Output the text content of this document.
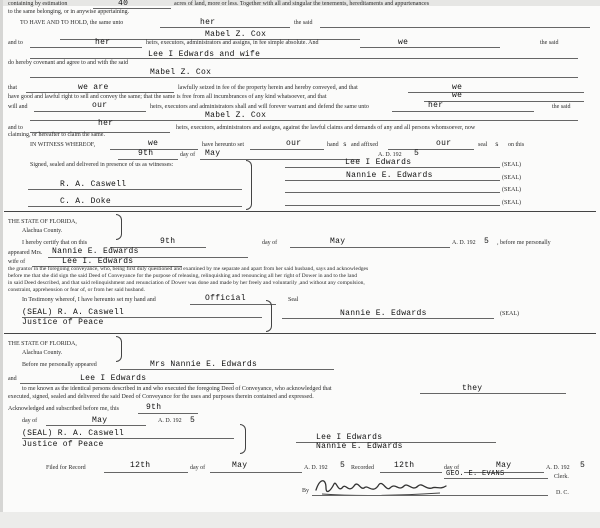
containing by estimation	40	acres of land, more or less. Together with all and singular the tenements, hereditaments and appurtenances
to the same belonging, or in anywise appertaining.
TO HAVE AND TO HOLD, the same unto	her	the said
Mabel Z. Cox
and to	her	heirs, executors, administrators and assigns, in fee simple absolute. And	we	the said
Lee I Edwards and wife
do hereby covenant and agree to and with the said
Mabel Z. Cox
that	we are	lawfully seized in fee of the property herein and hereby conveyed, and that	we
have good and lawful right to sell and convey the same; that the same is free from all incumbrances of any kind whatsoever, and that	we
will and	our	heirs, executors and administrators shall and will forever warrant and defend the same unto	her	the said
Mabel Z. Cox
and to	her	heirs, executors, administrators and assigns, against the lawful claims and demands of any and all persons whomsoever, now
claiming, or hereafter to claim the same.
IN WITNESS WHEREOF,	we	have hereunto set	our	hand s and affixed	our	seal s on this
9th	day of May	A. D. 192 5
Signed, sealed and delivered in presence of us as witnesses:	Lee I Edwards	(SEAL)
Nannie E. Edwards	(SEAL)
(SEAL)
(SEAL)
R. A. Caswell
C. A. Doke
THE STATE OF FLORIDA,
Alachua County.
I hereby certify that on this	9th	day of	May	A. D. 192 5 , before me personally
appeared Mrs. Nannie E. Edwards
wife of	Lee I. Edwards
the grantor in the foregoing conveyance, who, being first duly questioned and examined by me separate and apart from her said husband, says and acknowledges
before me that she did sign the said Deed of Conveyance for the purpose of releasing, relinquishing and renouncing all her right of Dower in and to the land
in said Deed described, and that said relinquishment and renunciation of Dower was done and made by her freely and voluntarily ,and without any compulsion,
constraint, apprehension or fear of, or from her said husband.
In Testimony whereof, I have hereunto set my hand and	Official	Seal
(SEAL) R. A. Caswell
Justice of Peace
Nannie E. Edwards	(SEAL)
THE STATE OF FLORIDA,
Alachua County.
Before me personally appeared	Mrs Nannie E. Edwards
and	Lee I Edwards
to me known as the identical persons described in and who executed the foregoing Deed of Conveyance, who acknowledged that	they
executed, signed, sealed and delivered the said Deed of Conveyance for the uses and purposes therein contained and expressed.
Acknowledged and subscribed before me, this	9th
day of	May	A. D. 192 5
(SEAL) R. A. Caswell
Justice of Peace
Lee I Edwards
Nannie E. Edwards
Filed for Record	12th	day of	May	A. D. 192 5 Recorded	12th	day of	May	A. D. 192 5
GEO. E. EVANS	Clerk.
By	D. C.
